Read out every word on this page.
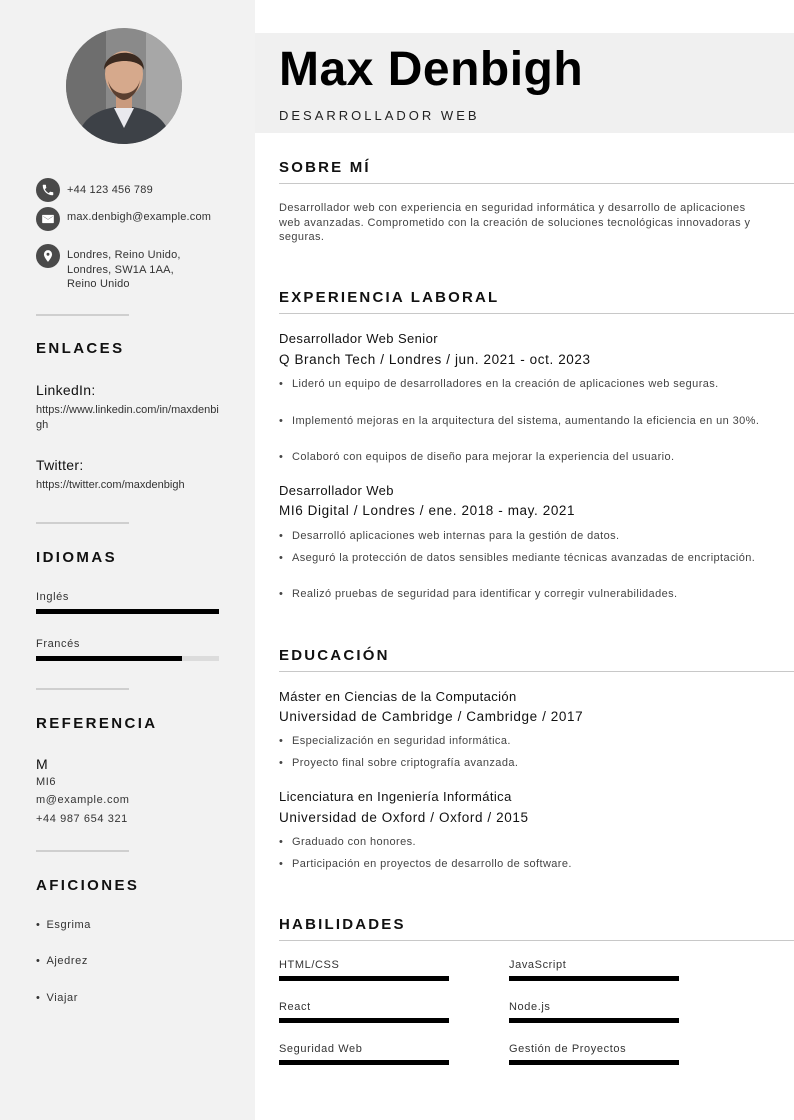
+44 123 456 789
max.denbigh@example.com
Londres, Reino Unido, Londres, SW1A 1AA, Reino Unido
ENLACES
LinkedIn:
https://www.linkedin.com/in/maxdenbigh
Twitter:
https://twitter.com/maxdenbigh
IDIOMAS
Inglés
Francés
REFERENCIA
M
MI6
m@example.com
+44 987 654 321
AFICIONES
• Esgrima
• Ajedrez
• Viajar
Max Denbigh
DESARROLLADOR WEB
SOBRE MÍ
Desarrollador web con experiencia en seguridad informática y desarrollo de aplicaciones web avanzadas. Comprometido con la creación de soluciones tecnológicas innovadoras y seguras.
EXPERIENCIA LABORAL
Desarrollador Web Senior
Q Branch Tech / Londres / jun. 2021 - oct. 2023
• Lideró un equipo de desarrolladores en la creación de aplicaciones web seguras.
• Implementó mejoras en la arquitectura del sistema, aumentando la eficiencia en un 30%.
• Colaboró con equipos de diseño para mejorar la experiencia del usuario.
Desarrollador Web
MI6 Digital / Londres / ene. 2018 - may. 2021
• Desarrolló aplicaciones web internas para la gestión de datos.
• Aseguró la protección de datos sensibles mediante técnicas avanzadas de encriptación.
• Realizó pruebas de seguridad para identificar y corregir vulnerabilidades.
EDUCACIÓN
Máster en Ciencias de la Computación
Universidad de Cambridge / Cambridge / 2017
• Especialización en seguridad informática.
• Proyecto final sobre criptografía avanzada.
Licenciatura en Ingeniería Informática
Universidad de Oxford / Oxford / 2015
• Graduado con honores.
• Participación en proyectos de desarrollo de software.
HABILIDADES
HTML/CSS	JavaScript
React	Node.js
Seguridad Web	Gestión de Proyectos
